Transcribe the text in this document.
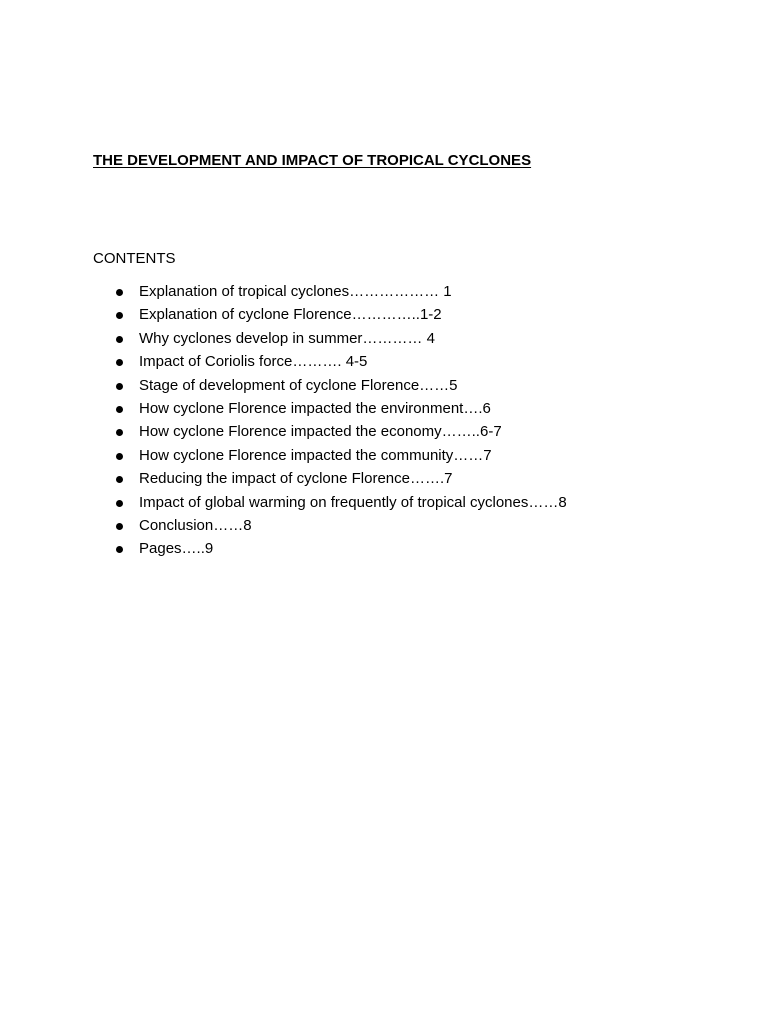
THE DEVELOPMENT AND IMPACT OF TROPICAL CYCLONES
CONTENTS
Explanation of tropical cyclones……………… 1
Explanation of cyclone Florence…………..1-2
Why cyclones develop in summer………… 4
Impact of Coriolis force………. 4-5
Stage of development of cyclone Florence……5
How cyclone Florence impacted the environment….6
How cyclone Florence impacted the economy……..6-7
How cyclone Florence impacted the community……7
Reducing the impact of cyclone Florence…….7
Impact of global warming on frequently of tropical cyclones……8
Conclusion……8
Pages…..9
